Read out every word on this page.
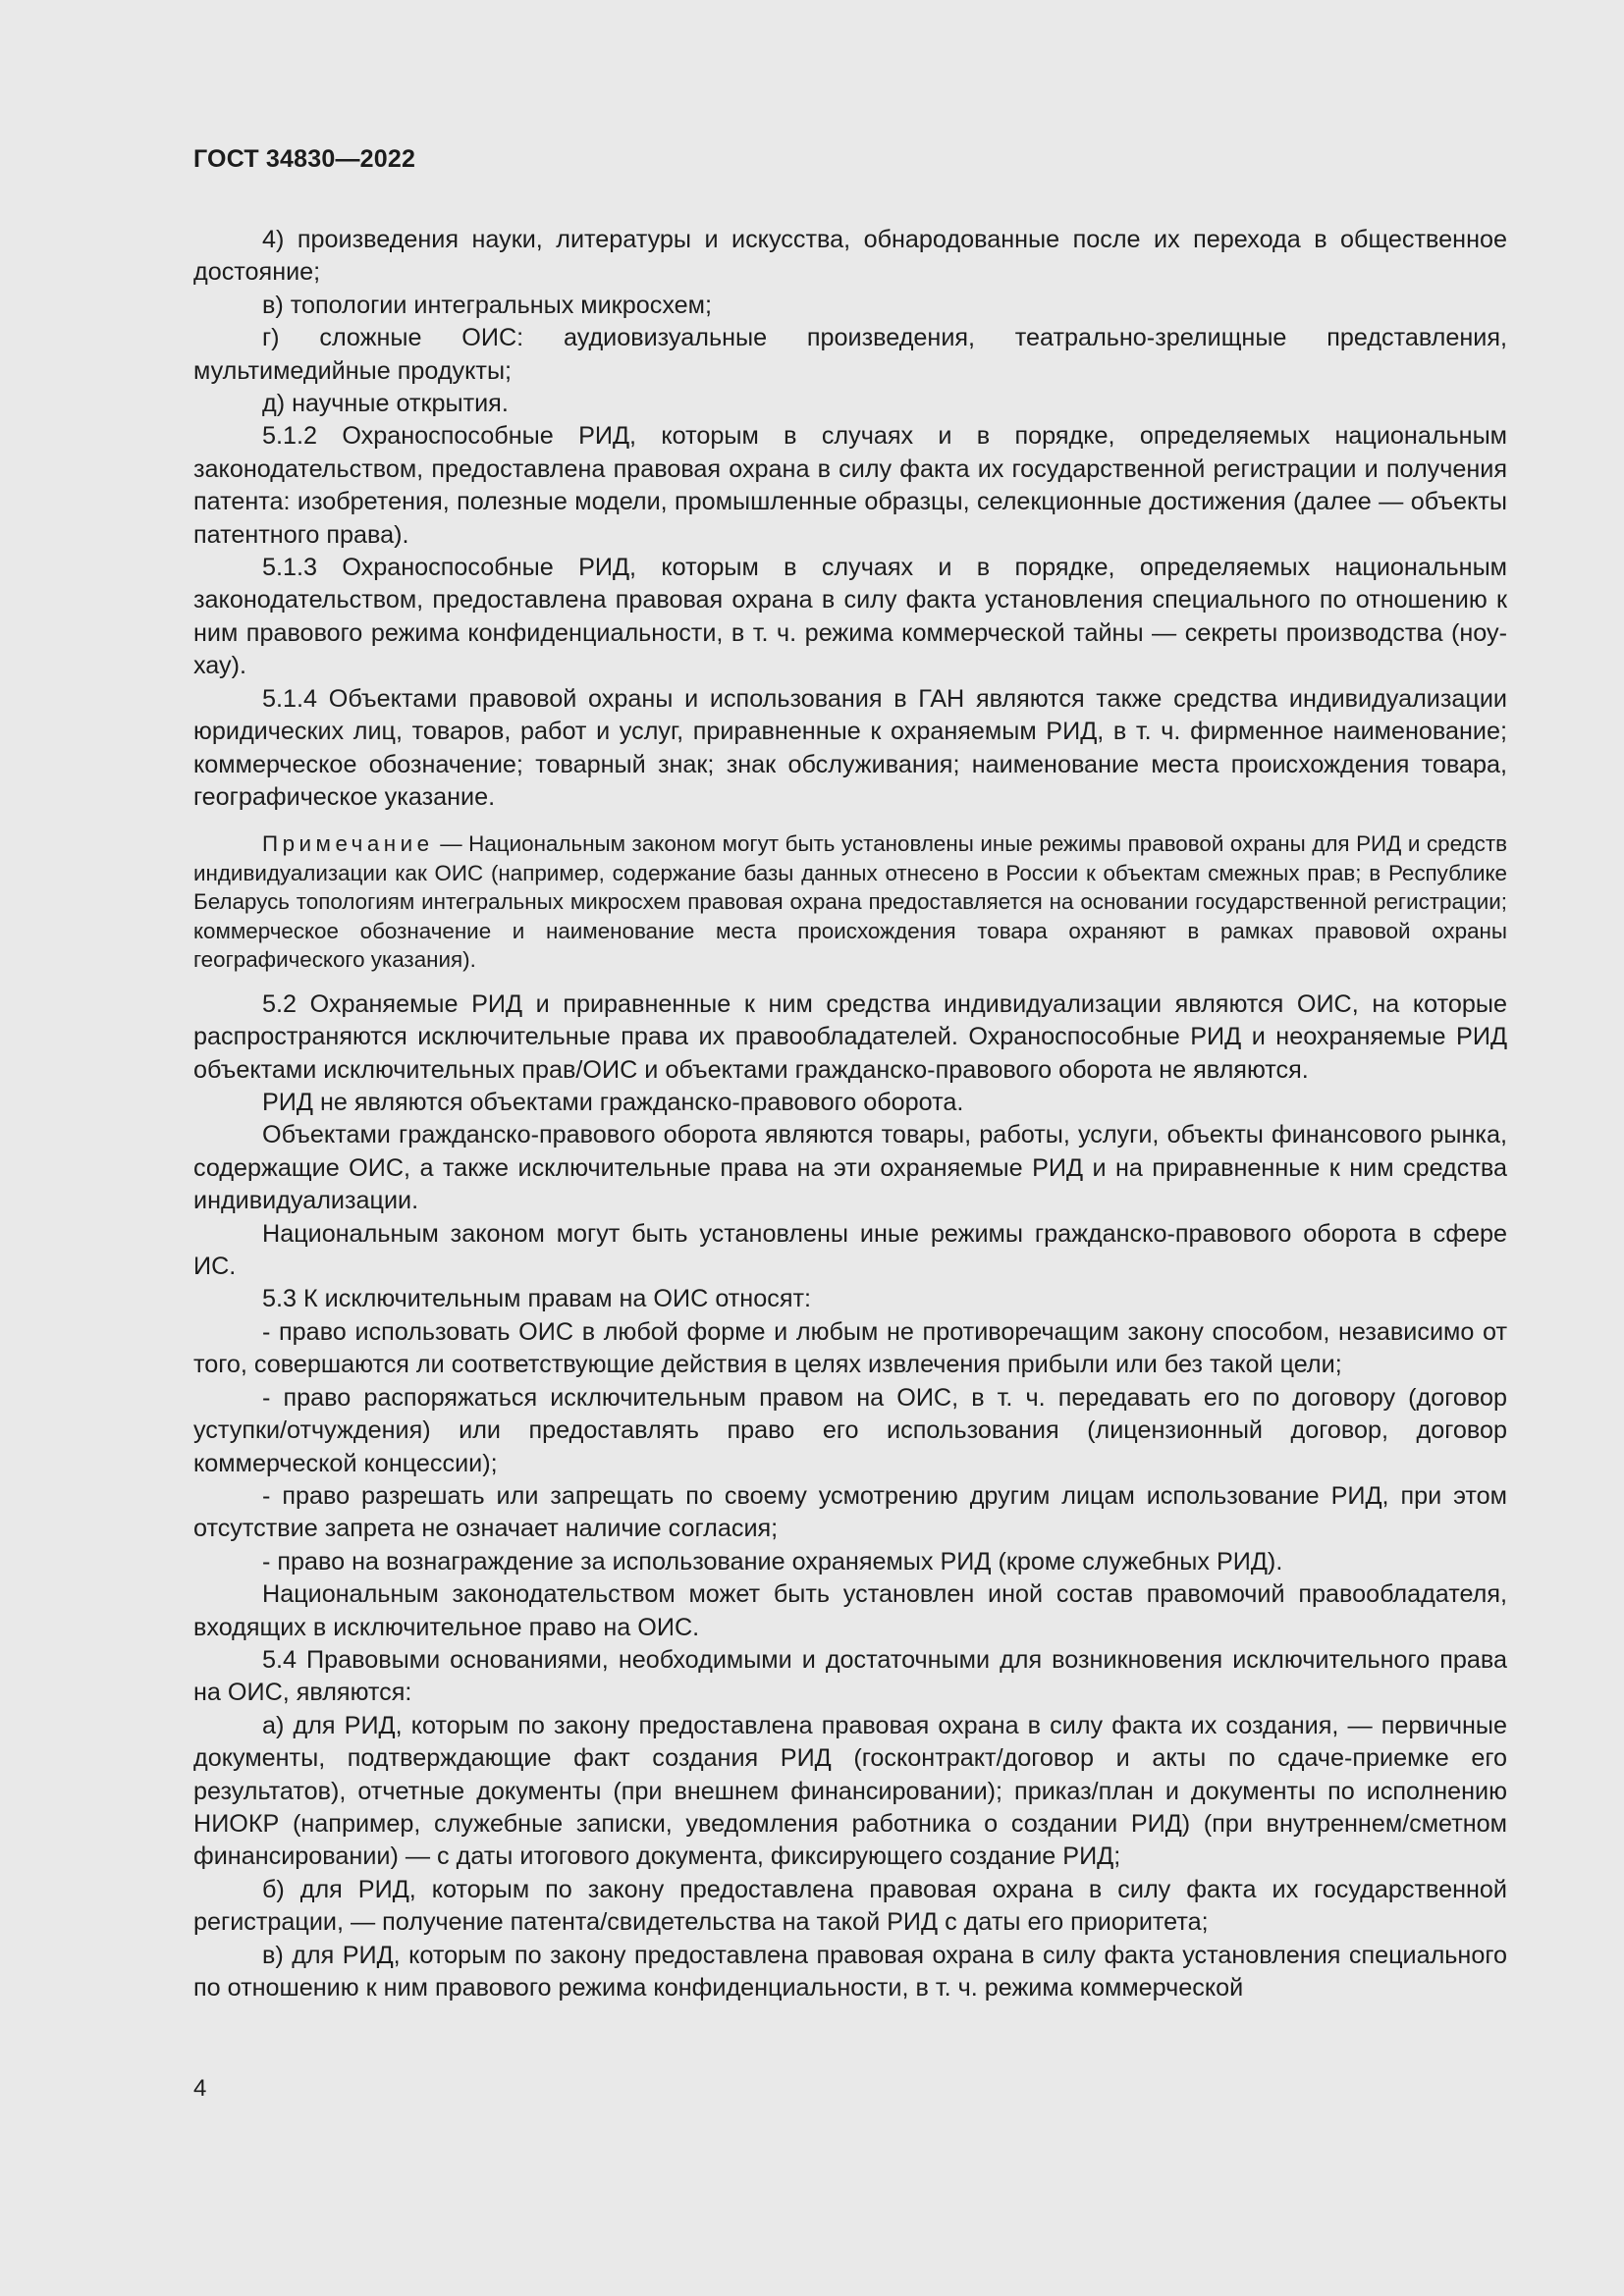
ГОСТ 34830—2022

4) произведения науки, литературы и искусства, обнародованные после их перехода в общественное достояние;

в) топологии интегральных микросхем;

г) сложные ОИС: аудиовизуальные произведения, театрально-зрелищные представления, мультимедийные продукты;

д) научные открытия.

5.1.2 Охраноспособные РИД, которым в случаях и в порядке, определяемых национальным законодательством, предоставлена правовая охрана в силу факта их государственной регистрации и получения патента: изобретения, полезные модели, промышленные образцы, селекционные достижения (далее — объекты патентного права).

5.1.3 Охраноспособные РИД, которым в случаях и в порядке, определяемых национальным законодательством, предоставлена правовая охрана в силу факта установления специального по отношению к ним правового режима конфиденциальности, в т. ч. режима коммерческой тайны — секреты производства (ноу-хау).

5.1.4 Объектами правовой охраны и использования в ГАН являются также средства индивидуализации юридических лиц, товаров, работ и услуг, приравненные к охраняемым РИД, в т. ч. фирменное наименование; коммерческое обозначение; товарный знак; знак обслуживания; наименование места происхождения товара, географическое указание.

Примечание — Национальным законом могут быть установлены иные режимы правовой охраны для РИД и средств индивидуализации как ОИС (например, содержание базы данных отнесено в России к объектам смежных прав; в Республике Беларусь топологиям интегральных микросхем правовая охрана предоставляется на основании государственной регистрации; коммерческое обозначение и наименование места происхождения товара охраняют в рамках правовой охраны географического указания).

5.2 Охраняемые РИД и приравненные к ним средства индивидуализации являются ОИС, на которые распространяются исключительные права их правообладателей. Охраноспособные РИД и неохраняемые РИД объектами исключительных прав/ОИС и объектами гражданско-правового оборота не являются.

РИД не являются объектами гражданско-правового оборота.

Объектами гражданско-правового оборота являются товары, работы, услуги, объекты финансового рынка, содержащие ОИС, а также исключительные права на эти охраняемые РИД и на приравненные к ним средства индивидуализации.

Национальным законом могут быть установлены иные режимы гражданско-правового оборота в сфере ИС.

5.3 К исключительным правам на ОИС относят:

- право использовать ОИС в любой форме и любым не противоречащим закону способом, независимо от того, совершаются ли соответствующие действия в целях извлечения прибыли или без такой цели;

- право распоряжаться исключительным правом на ОИС, в т. ч. передавать его по договору (договор уступки/отчуждения) или предоставлять право его использования (лицензионный договор, договор коммерческой концессии);

- право разрешать или запрещать по своему усмотрению другим лицам использование РИД, при этом отсутствие запрета не означает наличие согласия;

- право на вознаграждение за использование охраняемых РИД (кроме служебных РИД).

Национальным законодательством может быть установлен иной состав правомочий правообладателя, входящих в исключительное право на ОИС.

5.4 Правовыми основаниями, необходимыми и достаточными для возникновения исключительного права на ОИС, являются:

а) для РИД, которым по закону предоставлена правовая охрана в силу факта их создания, — первичные документы, подтверждающие факт создания РИД (госконтракт/договор и акты по сдаче-приемке его результатов), отчетные документы (при внешнем финансировании); приказ/план и документы по исполнению НИОКР (например, служебные записки, уведомления работника о создании РИД) (при внутреннем/сметном финансировании) — с даты итогового документа, фиксирующего создание РИД;

б) для РИД, которым по закону предоставлена правовая охрана в силу факта их государственной регистрации, — получение патента/свидетельства на такой РИД с даты его приоритета;

в) для РИД, которым по закону предоставлена правовая охрана в силу факта установления специального по отношению к ним правового режима конфиденциальности, в т. ч. режима коммерческой

4
